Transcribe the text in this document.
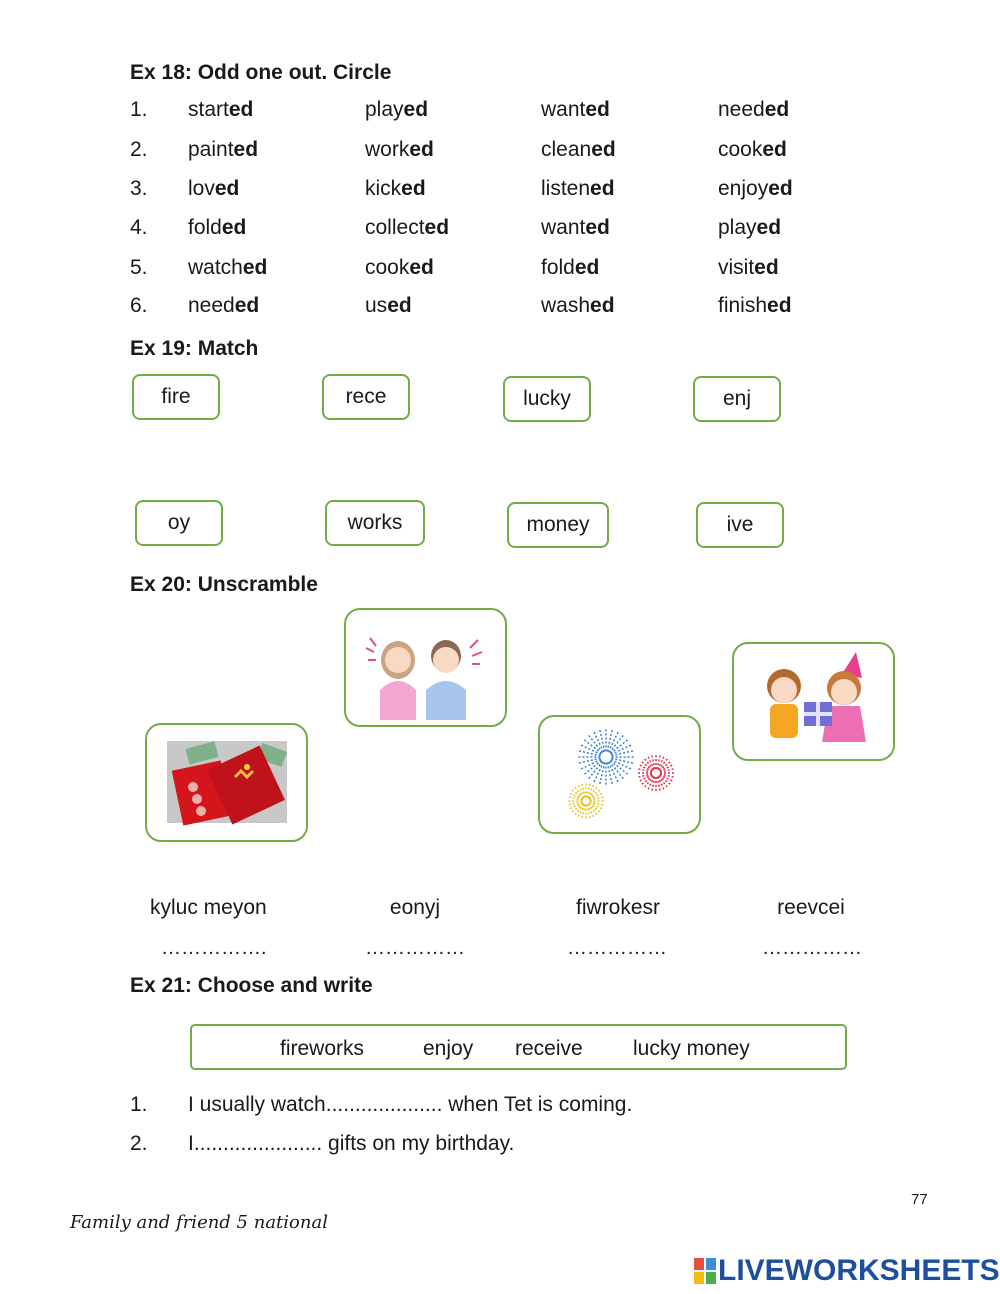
Ex 18: Odd one out. Circle
1. started	played	wanted	needed
2. painted	worked	cleaned	cooked
3. loved	kicked	listened	enjoyed
4. folded	collected	wanted	played
5. watched	cooked	folded	visited
6. needed	used	washed	finished
Ex 19: Match
fire	rece	lucky	enj
oy	works	money	ive
Ex 20: Unscramble
kyluc meyon	eonyj	fiwrokesr	reevcei
…………….	……………	……………	……………
Ex 21: Choose and write
fireworks	enjoy receive lucky money
1. I usually watch.................... when Tet is coming.
2. I...................... gifts on my birthday.
77
Family and friend 5 national
LIVEWORKSHEETS
